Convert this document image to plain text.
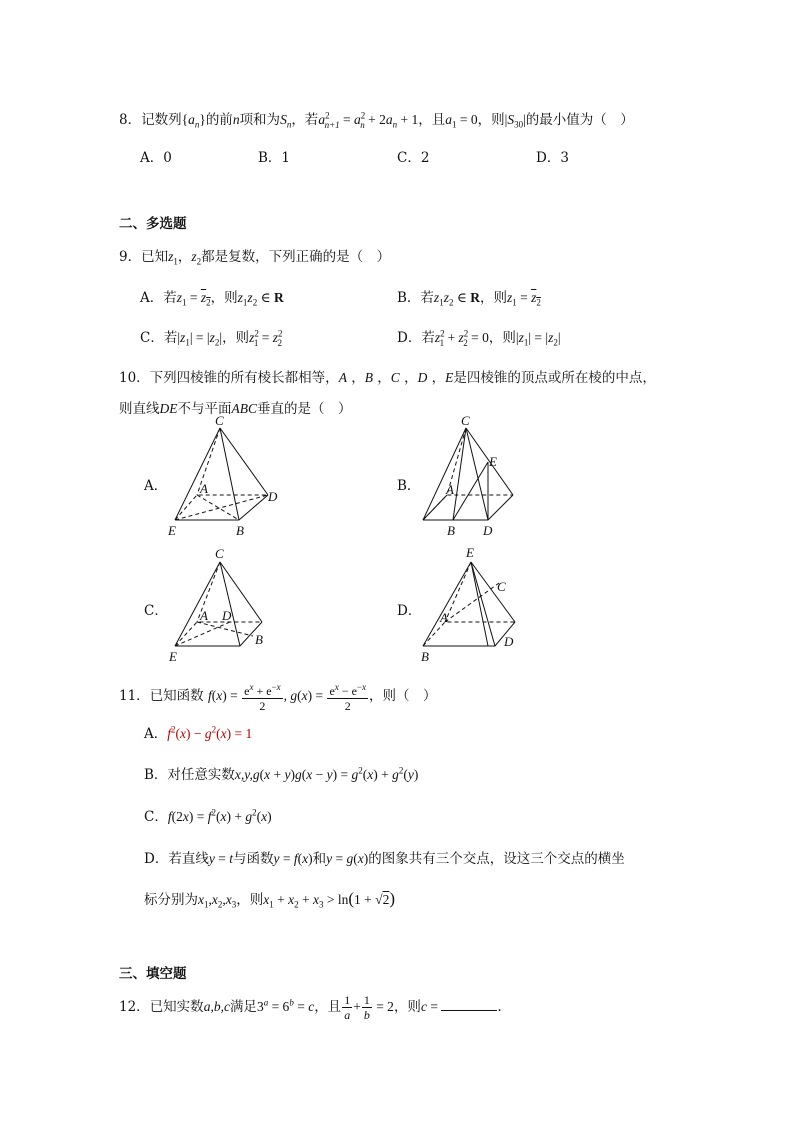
8．记数列$\{a_n\}$的前n项和为$S_n$，若$a^2_{n+1} = a^2_n + 2a_n + 1$，且$a_1 = 0$，则$|S_{30}|$的最小值为（　）
A．0	B．1	C．2	D．3
二、多选题
9．已知$z_1$，$z_2$都是复数，下列正确的是（　）
A．若$z_1 = z_2$，则$z_1z_2$ ∈ R	B．若$z_1z_2$ ∈ R，则$z_1 = z_2$
C．若$|z_1| = |z_2|$，则$z^2_1 = z^2_2$	D．若$z^2_1 + z^2_2 = 0$，则$|z_1| = |z_2|$
10．下列四棱锥的所有棱长都相等，A ，B ，C ，D ，E是四棱锥的顶点或所在棱的中点，
则直线DE不与平面ABC垂直的是（　）
A．
C
A
D
E	B
B．
C
E
A
B D
C．
C
A D
B
E
D．
E
C
A
B
D
11．已知函数 $f(x) = \frac{e^x + e^{-x}}{2}$ , $g(x) = \frac{e^x - e^{-x}}{2}$ ，则（　）
A．$f^2(x) - g^2(x) = 1$
B．对任意实数$x,y,g(x + y)g(x - y) = g^2(x) + g^2(y)$
C．$f(2x) = f^2(x) + g^2(x)$
D．若直线y = t与函数y = f(x)和y = g(x)的图象共有三个交点，设这三个交点的横坐
标分别为$x_1,x_2,x_3$，则$x_1 + x_2 + x_3 > \ln(1 + √2)$
三、填空题
12．已知实数a,b,c满足$3^a = 6^b = c$，且 $\frac{1}{a} + \frac{1}{b} = 2$，则c =	.
